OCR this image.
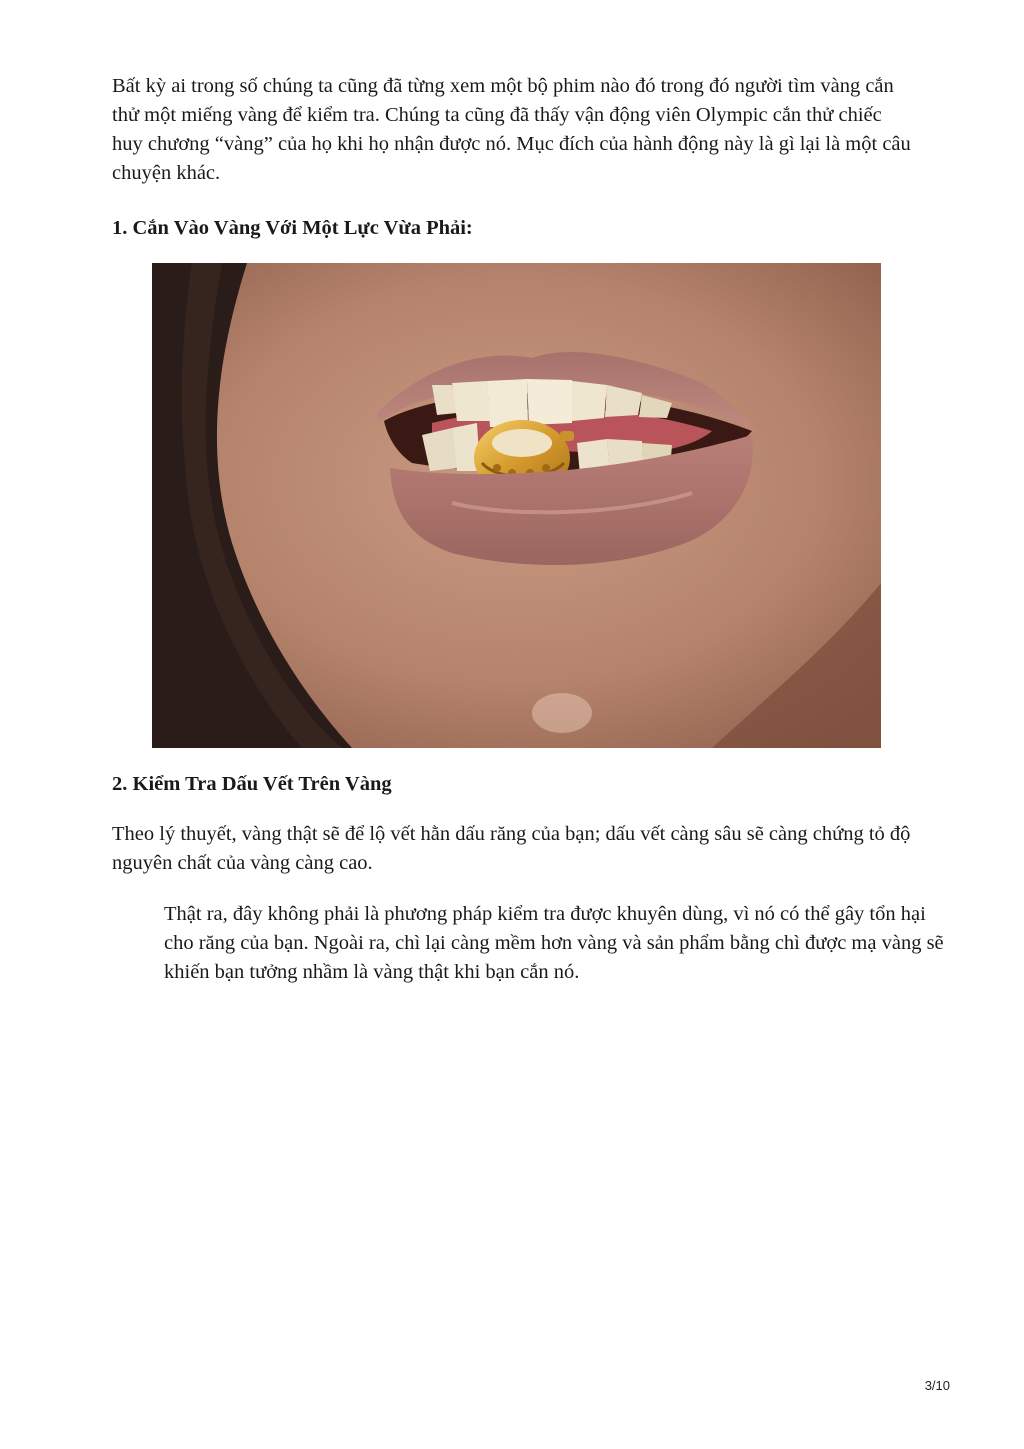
Bất kỳ ai trong số chúng ta cũng đã từng xem một bộ phim nào đó trong đó người tìm vàng cắn thử một miếng vàng để kiểm tra. Chúng ta cũng đã thấy vận động viên Olympic cắn thử chiếc huy chương “vàng” của họ khi họ nhận được nó. Mục đích của hành động này là gì lại là một câu chuyện khác.

1. Cắn Vào Vàng Với Một Lực Vừa Phải:

2. Kiểm Tra Dấu Vết Trên Vàng

Theo lý thuyết, vàng thật sẽ để lộ vết hằn dấu răng của bạn; dấu vết càng sâu sẽ càng chứng tỏ độ nguyên chất của vàng càng cao.

Thật ra, đây không phải là phương pháp kiểm tra được khuyên dùng, vì nó có thể gây tổn hại cho răng của bạn. Ngoài ra, chì lại càng mềm hơn vàng và sản phẩm bằng chì được mạ vàng sẽ khiến bạn tưởng nhầm là vàng thật khi bạn cắn nó.

3/10
